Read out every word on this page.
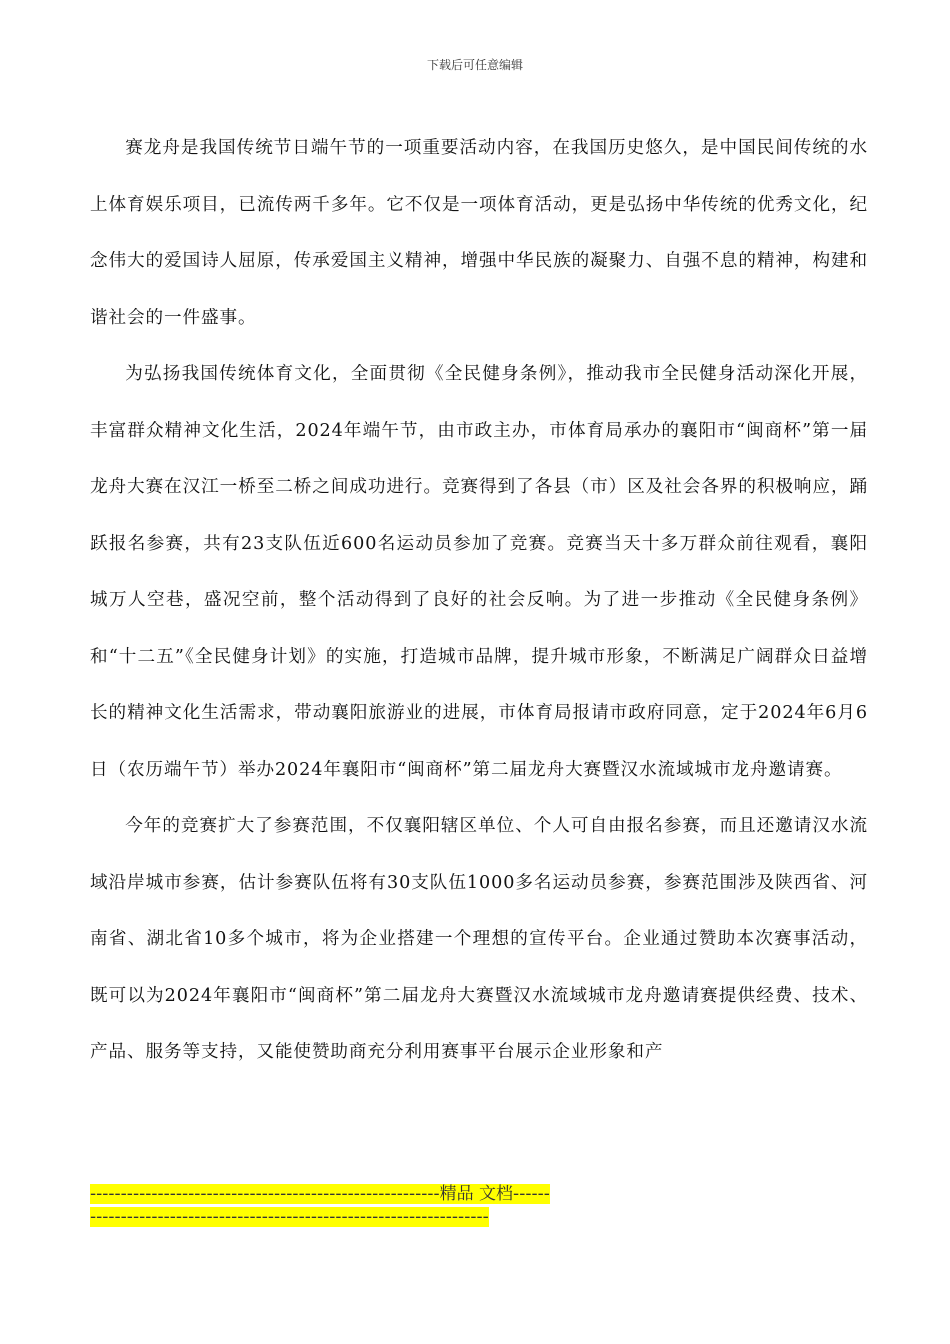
下载后可任意编辑

赛龙舟是我国传统节日端午节的一项重要活动内容，在我国历史悠久，是中国民间传统的水上体育娱乐项目，已流传两千多年。它不仅是一项体育活动，更是弘扬中华传统的优秀文化，纪念伟大的爱国诗人屈原，传承爱国主义精神，增强中华民族的凝聚力、自强不息的精神，构建和谐社会的一件盛事。

为弘扬我国传统体育文化，全面贯彻《全民健身条例》，推动我市全民健身活动深化开展，丰富群众精神文化生活，2024年端午节，由市政主办，市体育局承办的襄阳市“闽商杯”第一届龙舟大赛在汉江一桥至二桥之间成功进行。竞赛得到了各县（市）区及社会各界的积极响应，踊跃报名参赛，共有23支队伍近600名运动员参加了竞赛。竞赛当天十多万群众前往观看，襄阳城万人空巷，盛况空前，整个活动得到了良好的社会反响。为了进一步推动《全民健身条例》和“十二五”《全民健身计划》的实施，打造城市品牌，提升城市形象，不断满足广阔群众日益增长的精神文化生活需求，带动襄阳旅游业的进展，市体育局报请市政府同意，定于2024年6月6日（农历端午节）举办2024年襄阳市“闽商杯”第二届龙舟大赛暨汉水流域城市龙舟邀请赛。

今年的竞赛扩大了参赛范围，不仅襄阳辖区单位、个人可自由报名参赛，而且还邀请汉水流域沿岸城市参赛，估计参赛队伍将有30支队伍1000多名运动员参赛，参赛范围涉及陕西省、河南省、湖北省10多个城市，将为企业搭建一个理想的宣传平台。企业通过赞助本次赛事活动，既可以为2024年襄阳市“闽商杯”第二届龙舟大赛暨汉水流域城市龙舟邀请赛提供经费、技术、产品、服务等支持，又能使赞助商充分利用赛事平台展示企业形象和产

---------------------------------------------------------精品 文档-----------------------------------------------------------------------
